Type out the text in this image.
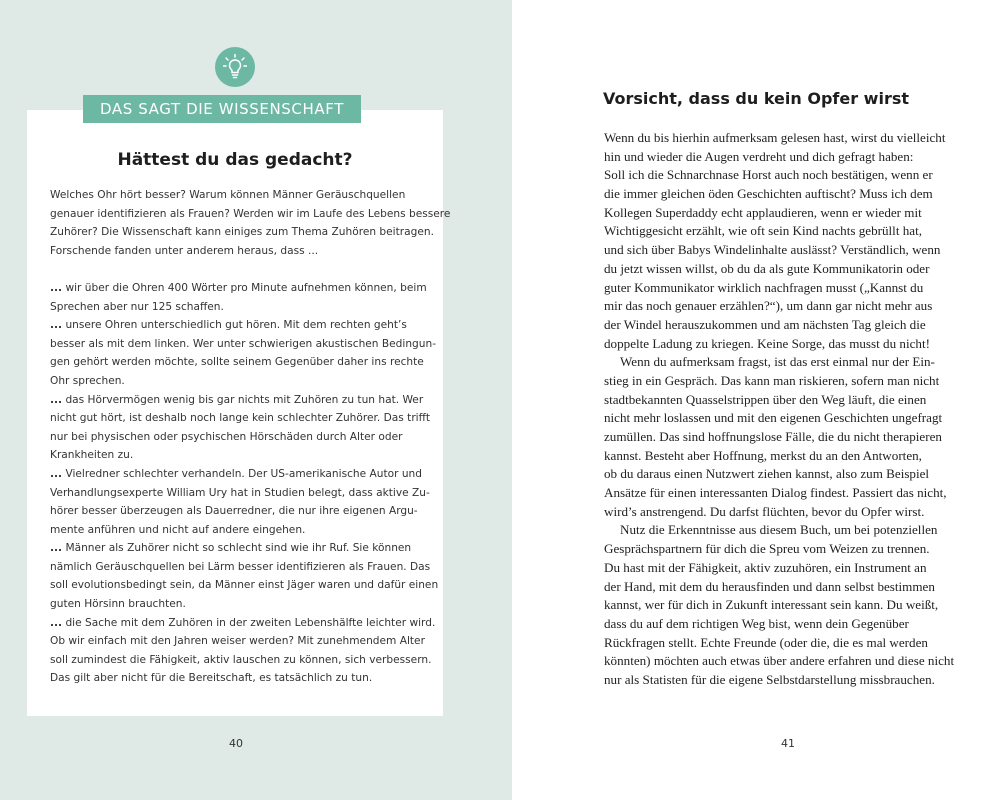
DAS SAGT DIE WISSENSCHAFT
Hättest du das gedacht?
Welches Ohr hört besser? Warum können Männer Geräuschquellen
genauer identifizieren als Frauen? Werden wir im Laufe des Lebens bessere
Zuhörer? Die Wissenschaft kann einiges zum Thema Zuhören beitragen.
Forschende fanden unter anderem heraus, dass ...
... wir über die Ohren 400 Wörter pro Minute aufnehmen können, beim
Sprechen aber nur 125 schaffen.
... unsere Ohren unterschiedlich gut hören. Mit dem rechten geht’s
besser als mit dem linken. Wer unter schwierigen akustischen Bedingun-
gen gehört werden möchte, sollte seinem Gegenüber daher ins rechte
Ohr sprechen.
... das Hörvermögen wenig bis gar nichts mit Zuhören zu tun hat. Wer
nicht gut hört, ist deshalb noch lange kein schlechter Zuhörer. Das trifft
nur bei physischen oder psychischen Hörschäden durch Alter oder
Krankheiten zu.
... Vielredner schlechter verhandeln. Der US-amerikanische Autor und
Verhandlungsexperte William Ury hat in Studien belegt, dass aktive Zu-
hörer besser überzeugen als Dauerredner, die nur ihre eigenen Argu-
mente anführen und nicht auf andere eingehen.
... Männer als Zuhörer nicht so schlecht sind wie ihr Ruf. Sie können
nämlich Geräuschquellen bei Lärm besser identifizieren als Frauen. Das
soll evolutionsbedingt sein, da Männer einst Jäger waren und dafür einen
guten Hörsinn brauchten.
... die Sache mit dem Zuhören in der zweiten Lebenshälfte leichter wird.
Ob wir einfach mit den Jahren weiser werden? Mit zunehmendem Alter
soll zumindest die Fähigkeit, aktiv lauschen zu können, sich verbessern.
Das gilt aber nicht für die Bereitschaft, es tatsächlich zu tun.
40
Vorsicht, dass du kein Opfer wirst
Wenn du bis hierhin aufmerksam gelesen hast, wirst du vielleicht
hin und wieder die Augen verdreht und dich gefragt haben:
Soll ich die Schnarchnase Horst auch noch bestätigen, wenn er
die immer gleichen öden Geschichten auftischt? Muss ich dem
Kollegen Superdaddy echt applaudieren, wenn er wieder mit
Wichtiggesicht erzählt, wie oft sein Kind nachts gebrüllt hat,
und sich über Babys Windelinhalte auslässt? Verständlich, wenn
du jetzt wissen willst, ob du da als gute Kommunikatorin oder
guter Kommunikator wirklich nachfragen musst („Kannst du
mir das noch genauer erzählen?“), um dann gar nicht mehr aus
der Windel herauszukommen und am nächsten Tag gleich die
doppelte Ladung zu kriegen. Keine Sorge, das musst du nicht!
Wenn du aufmerksam fragst, ist das erst einmal nur der Ein-
stieg in ein Gespräch. Das kann man riskieren, sofern man nicht
stadtbekannten Quasselstrippen über den Weg läuft, die einen
nicht mehr loslassen und mit den eigenen Geschichten ungefragt
zumüllen. Das sind hoffnungslose Fälle, die du nicht therapieren
kannst. Besteht aber Hoffnung, merkst du an den Antworten,
ob du daraus einen Nutzwert ziehen kannst, also zum Beispiel
Ansätze für einen interessanten Dialog findest. Passiert das nicht,
wird’s anstrengend. Du darfst flüchten, bevor du Opfer wirst.
Nutz die Erkenntnisse aus diesem Buch, um bei potenziellen
Gesprächspartnern für dich die Spreu vom Weizen zu trennen.
Du hast mit der Fähigkeit, aktiv zuzuhören, ein Instrument an
der Hand, mit dem du herausfinden und dann selbst bestimmen
kannst, wer für dich in Zukunft interessant sein kann. Du weißt,
dass du auf dem richtigen Weg bist, wenn dein Gegenüber
Rückfragen stellt. Echte Freunde (oder die, die es mal werden
könnten) möchten auch etwas über andere erfahren und diese nicht
nur als Statisten für die eigene Selbstdarstellung missbrauchen.
41
